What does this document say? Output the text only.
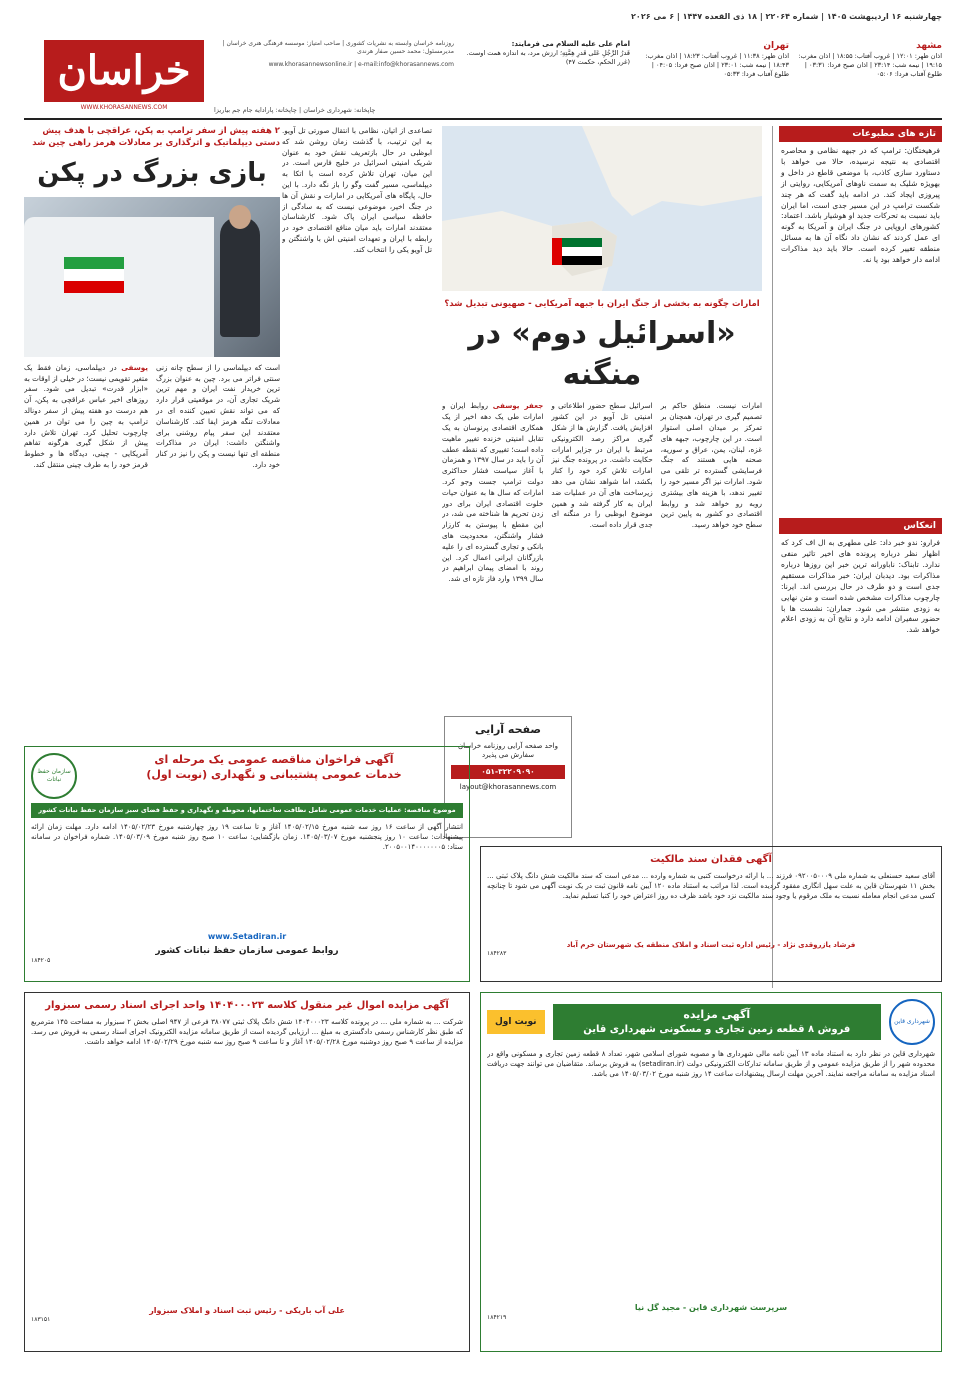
چهارشنبه ۱۶ اردیبهشت ۱۴۰۵ | شماره ۲۲۰۶۴ | ۱۸ ذی القعده ۱۴۴۷ | ۶ می ۲۰۲۶
خراسان
WWW.KHORASANNEWS.COM
روزنامه خراسان وابسته به نشریات کشوری | صاحب امتیاز: موسسه فرهنگی هنری خراسان | مدیرمسئول: محمد حسین صفار هرندی
www.khorasannewsonline.ir | e-mail:info@khorasannews.com
چاپخانه: شهرداری خراسان | چاپخانه: پارادایه جام جم بیاریزا
امام علی علیه السلام می فرمایند:
قَدرُ الرَّجُلِ عَلى قَدرِ هِمَّتِهِ؛ ارزش مرد، به اندازه همت اوست.
(غرر الحکم، حکمت ۴۷)
مشهد
اذان ظهر: ۱۲:۰۱ | غروب آفتاب: ۱۸:۵۵ | اذان مغرب: ۱۹:۱۵ | نیمه شب: ۲۳:۱۴ | اذان صبح فردا: ۰۳:۳۱ | طلوع آفتاب فردا: ۰۵:۰۶
تهران
اذان ظهر: ۱۱:۳۸ | غروب آفتاب: ۱۸:۲۳ | اذان مغرب: ۱۸:۴۳ | نیمه شب: ۲۳:۰۱ | اذان صبح فردا: ۰۴:۰۵ | طلوع آفتاب فردا: ۰۵:۳۳
تازه های مطبوعات
فرهیختگان: ترامپ که در جبهه نظامی و محاصره اقتصادی به نتیجه نرسیده، حالا می خواهد با دستاورد سازی کاذب، با موضعی قاطع در داخل و بهویژه شلیک به سمت ناوهای آمریکایی، روایتی از پیروزی ایجاد کند. در ادامه باید گفت که هر چند شکست ترامپ در این مسیر جدی است، اما ایران باید نسبت به تحرکات جدید او هوشیار باشد. اعتماد: کشورهای اروپایی در جنگ ایران و آمریکا به گونه ای عمل کردند که نشان داد نگاه آن ها به مسائل منطقه تغییر کرده است. حالا باید دید مذاکرات ادامه دار خواهد بود یا نه.
انعکاس
فرارو: ندو خبر داد: علی مطهری به ال اف کرد که اظهار نظر درباره پرونده های اخیر تاثیر منفی ندارد. تابناک: ناباورانه ترین خبر این روزها درباره مذاکرات بود. دیدبان ایران: خبر مذاکرات مستقیم جدی است و دو طرف در حال بررسی اند. ایرنا: چارچوب مذاکرات مشخص شده است و متن نهایی به زودی منتشر می شود. جماران: نشست ها با حضور سفیران ادامه دارد و نتایج آن به زودی اعلام خواهد شد.
امارات چگونه به بخشی از جنگ ایران با جبهه آمریکایی - صهیونی تبدیل شد؟
«اسرائیل دوم» در منگنه
امارات نیست. منطق حاکم بر تصمیم گیری در تهران، همچنان بر تمرکز بر میدان اصلی استوار است. در این چارچوب، جبهه های غزه، لبنان، یمن، عراق و سوریه، صحنه هایی هستند که جنگ فرسایشی گسترده تر تلقی می شود. امارات نیز اگر مسیر خود را تغییر ندهد، با هزینه های بیشتری روبه رو خواهد شد و روابط اقتصادی دو کشور به پایین ترین سطح خود خواهد رسید.
اسرائیل سطح حضور اطلاعاتی و امنیتی تل آویو در این کشور افزایش یافت. گزارش ها از شکل گیری مراکز رصد الکترونیکی مرتبط با ایران در جزایر امارات حکایت داشت. در پرونده جنگ نیز امارات تلاش کرد خود را کنار بکشد، اما شواهد نشان می دهد زیرساخت های آن در عملیات ضد ایران به کار گرفته شد و همین موضوع ابوظبی را در منگنه ای جدی قرار داده است.
جعفر یوسفی روابط ایران و امارات طی یک دهه اخیر از یک همکاری اقتصادی پرنوسان به یک تقابل امنیتی خزنده تغییر ماهیت داده است؛ تغییری که نقطه عطف آن را باید در سال ۱۳۹۷ و همزمان با آغاز سیاست فشار حداکثری دولت ترامپ جست وجو کرد. امارات که سال ها به عنوان حیات خلوت اقتصادی ایران برای دور زدن تحریم ها شناخته می شد، در این مقطع با پیوستن به کارزار فشار واشنگتن، محدودیت های بانکی و تجاری گسترده ای را علیه بازرگانان ایرانی اعمال کرد. این روند با امضای پیمان ابراهیم در سال ۱۳۹۹ وارد فاز تازه ای شد.
تصاعدی از اتیان، نظامی با انتقال صورتی تل آویو. به این ترتیب، با گذشت زمان روشن شد که ابوظبی در حال بازتعریف نقش خود به عنوان شریک امنیتی اسرائیل در خلیج فارس است. در این میان، تهران تلاش کرده است با اتکا به دیپلماسی، مسیر گفت وگو را باز نگه دارد. با این حال، پایگاه های آمریکایی در امارات و نقش آن ها در جنگ اخیر، موضوعی نیست که به سادگی از حافظه سیاسی ایران پاک شود. کارشناسان معتقدند امارات باید میان منافع اقتصادی خود در رابطه با ایران و تعهدات امنیتی اش با واشنگتن و تل آویو یکی را انتخاب کند.
۲ هفته پیش از سفر ترامپ به پکن، عراقچی با هدف پیش دستی دیپلماتیک و اثرگذاری بر معادلات هرمز راهی چین شد
بازی بزرگ در پکن
است که دیپلماسی را از سطح چانه زنی سنتی فراتر می برد. چین به عنوان بزرگ ترین خریدار نفت ایران و مهم ترین شریک تجاری آن، در موقعیتی قرار دارد که می تواند نقش تعیین کننده ای در معادلات تنگه هرمز ایفا کند. کارشناسان معتقدند این سفر پیام روشنی برای واشنگتن داشت: ایران در مذاکرات منطقه ای تنها نیست و پکن را نیز در کنار خود دارد.
یوسفی در دیپلماسی، زمان فقط یک متغیر تقویمی نیست؛ در خیلی از اوقات به «ابزار قدرت» تبدیل می شود. سفر روزهای اخیر عباس عراقچی به پکن، آن هم درست دو هفته پیش از سفر دونالد ترامپ به چین را می توان در همین چارچوب تحلیل کرد. تهران تلاش دارد پیش از شکل گیری هرگونه تفاهم آمریکایی - چینی، دیدگاه ها و خطوط قرمز خود را به طرف چینی منتقل کند.
صفحه آرایی
واحد صفحه آرایی روزنامه خراسان سفارش می پذیرد
۰۵۱-۳۲۲۰۹۰۹۰
layout@khorasannews.com
آگهی فراخوان مناقصه عمومی یک مرحله ای
خدمات عمومی پشتیبانی و نگهداری (نوبت اول)
سازمان حفظ نباتات
موضوع مناقصه: عملیات خدمات عمومی شامل نظافت ساختمانها، محوطه و نگهداری و حفظ فضای سبز سازمان حفظ نباتات کشور
انتشار آگهی از ساعت ۱۶ روز سه شنبه مورخ ۱۴۰۵/۰۲/۱۵ آغاز و تا ساعت ۱۹ روز چهارشنبه مورخ ۱۴۰۵/۰۲/۲۳ ادامه دارد. مهلت زمان ارائه پیشنهادات: ساعت ۱۰ روز پنجشنبه مورخ ۱۴۰۵/۰۳/۰۷. زمان بازگشایی: ساعت ۱۰ صبح روز شنبه مورخ ۱۴۰۵/۰۳/۰۹. شماره فراخوان در سامانه ستاد: ۲۰۰۵۰۰۱۴۰۰۰۰۰۰۰۵.
www.Setadiran.ir
روابط عمومی سازمان حفظ نباتات کشور
۱۸۴۲۰۵
آگهی فقدان سند مالکیت
آقای سعید حسنعلی به شماره ملی ۰۹۲۰۰۵۰۰۰۹ فرزند ... با ارائه درخواست کتبی به شماره وارده ... مدعی است که سند مالکیت شش دانگ پلاک ثبتی ... بخش ۱۱ شهرستان قاین به علت سهل انگاری مفقود گردیده است. لذا مراتب به استناد ماده ۱۲۰ آیین نامه قانون ثبت در یک نوبت آگهی می شود تا چنانچه کسی مدعی انجام معامله نسبت به ملک مرقوم یا وجود سند مالکیت نزد خود باشد ظرف ده روز اعتراض خود را کتبا تسلیم نماید.
فرشاد یازروقدی نژاد - رئیس اداره ثبت اسناد و املاک منطقه یک شهرستان خرم آباد
۱۸۴۲۸۳
آگهی مزایده اموال غیر منقول کلاسه ۱۴۰۴۰۰۰۲۳ واحد اجرای اسناد رسمی سبزوار
شرکت ... به شماره ملی ... در پرونده کلاسه ۱۴۰۴۰۰۰۲۳ شش دانگ پلاک ثبتی ۳۸۰۷۷ فرعی از ۹۴۷ اصلی بخش ۲ سبزوار به مساحت ۱۴۵ مترمربع که طبق نظر کارشناس رسمی دادگستری به مبلغ ... ارزیابی گردیده است از طریق سامانه مزایده الکترونیک اجرای اسناد رسمی به فروش می رسد. مزایده از ساعت ۹ صبح روز دوشنبه مورخ ۱۴۰۵/۰۲/۲۸ آغاز و تا ساعت ۹ صبح روز سه شنبه مورخ ۱۴۰۵/۰۲/۲۹ ادامه خواهد داشت.
علی آب باریکی - رئیس ثبت اسناد و املاک سبزوار
۱۸۳۱۵۱
شهرداری قاین
آگهی مزایده
فروش ۸ قطعه زمین تجاری و مسکونی شهرداری قاین
نوبت اول
شهرداری قاین در نظر دارد به استناد ماده ۱۳ آیین نامه مالی شهرداری ها و مصوبه شورای اسلامی شهر، تعداد ۸ قطعه زمین تجاری و مسکونی واقع در محدوده شهر را از طریق مزایده عمومی و از طریق سامانه تدارکات الکترونیکی دولت (setadiran.ir) به فروش برساند. متقاضیان می توانند جهت دریافت اسناد مزایده به سامانه مراجعه نمایند. آخرین مهلت ارسال پیشنهادات ساعت ۱۴ روز شنبه مورخ ۱۴۰۵/۰۳/۰۲ می باشد.
سرپرست شهرداری قاین - مجید گل نیا
۱۸۴۲۱۹
